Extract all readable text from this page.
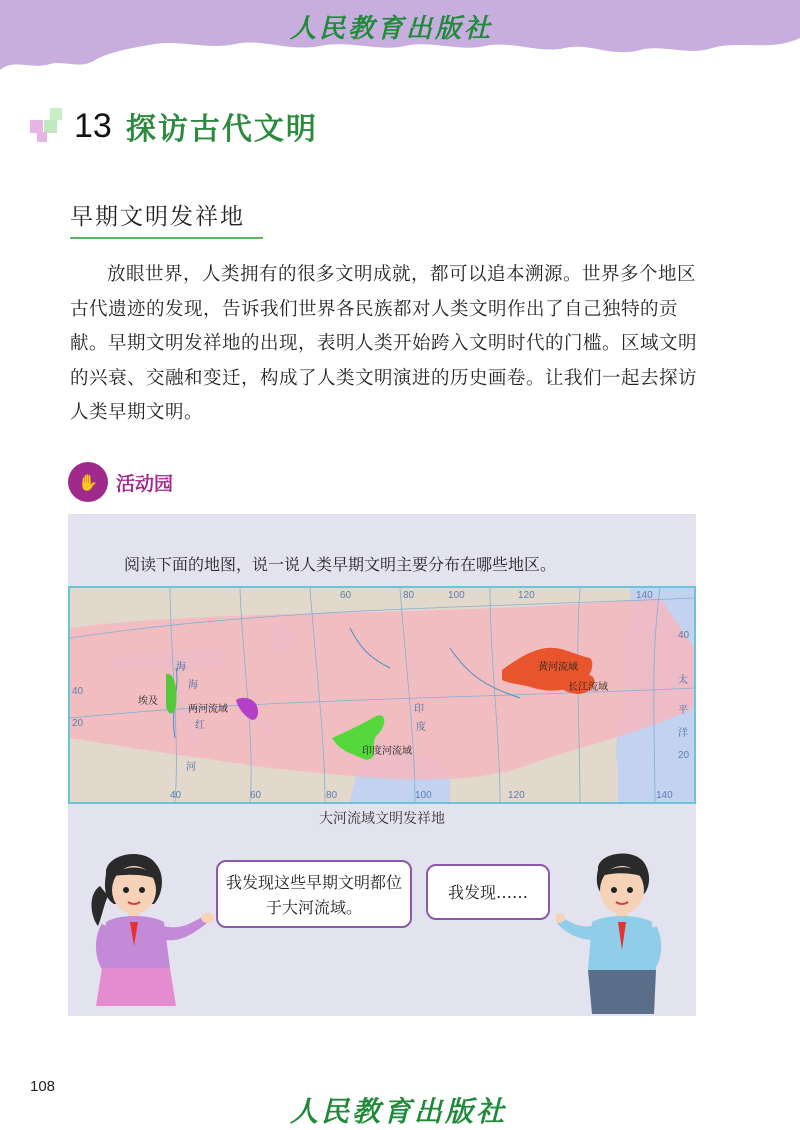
人民教育出版社
13 探访古代文明
早期文明发祥地

放眼世界，人类拥有的很多文明成就，都可以追本溯源。世界多个地区古代遗迹的发现，告诉我们世界各民族都对人类文明作出了自己独特的贡献。早期文明发祥地的出现，表明人类开始跨入文明时代的门槛。区域文明的兴衰、交融和变迁，构成了人类文明演进的历史画卷。让我们一起去探访人类早期文明。

✋ 活动园
阅读下面的地图，说一说人类早期文明主要分布在哪些地区。
埃及
两河流域
印度河流域
黄河流域
长江流域
海
海
红
河
印
度
太
平
洋
60	80	100	120	140
40	60	80	100	120	140
40
20
40
20
大河流域文明发祥地
我发现这些早期文明都位于大河流域。
我发现……
108
人民教育出版社
